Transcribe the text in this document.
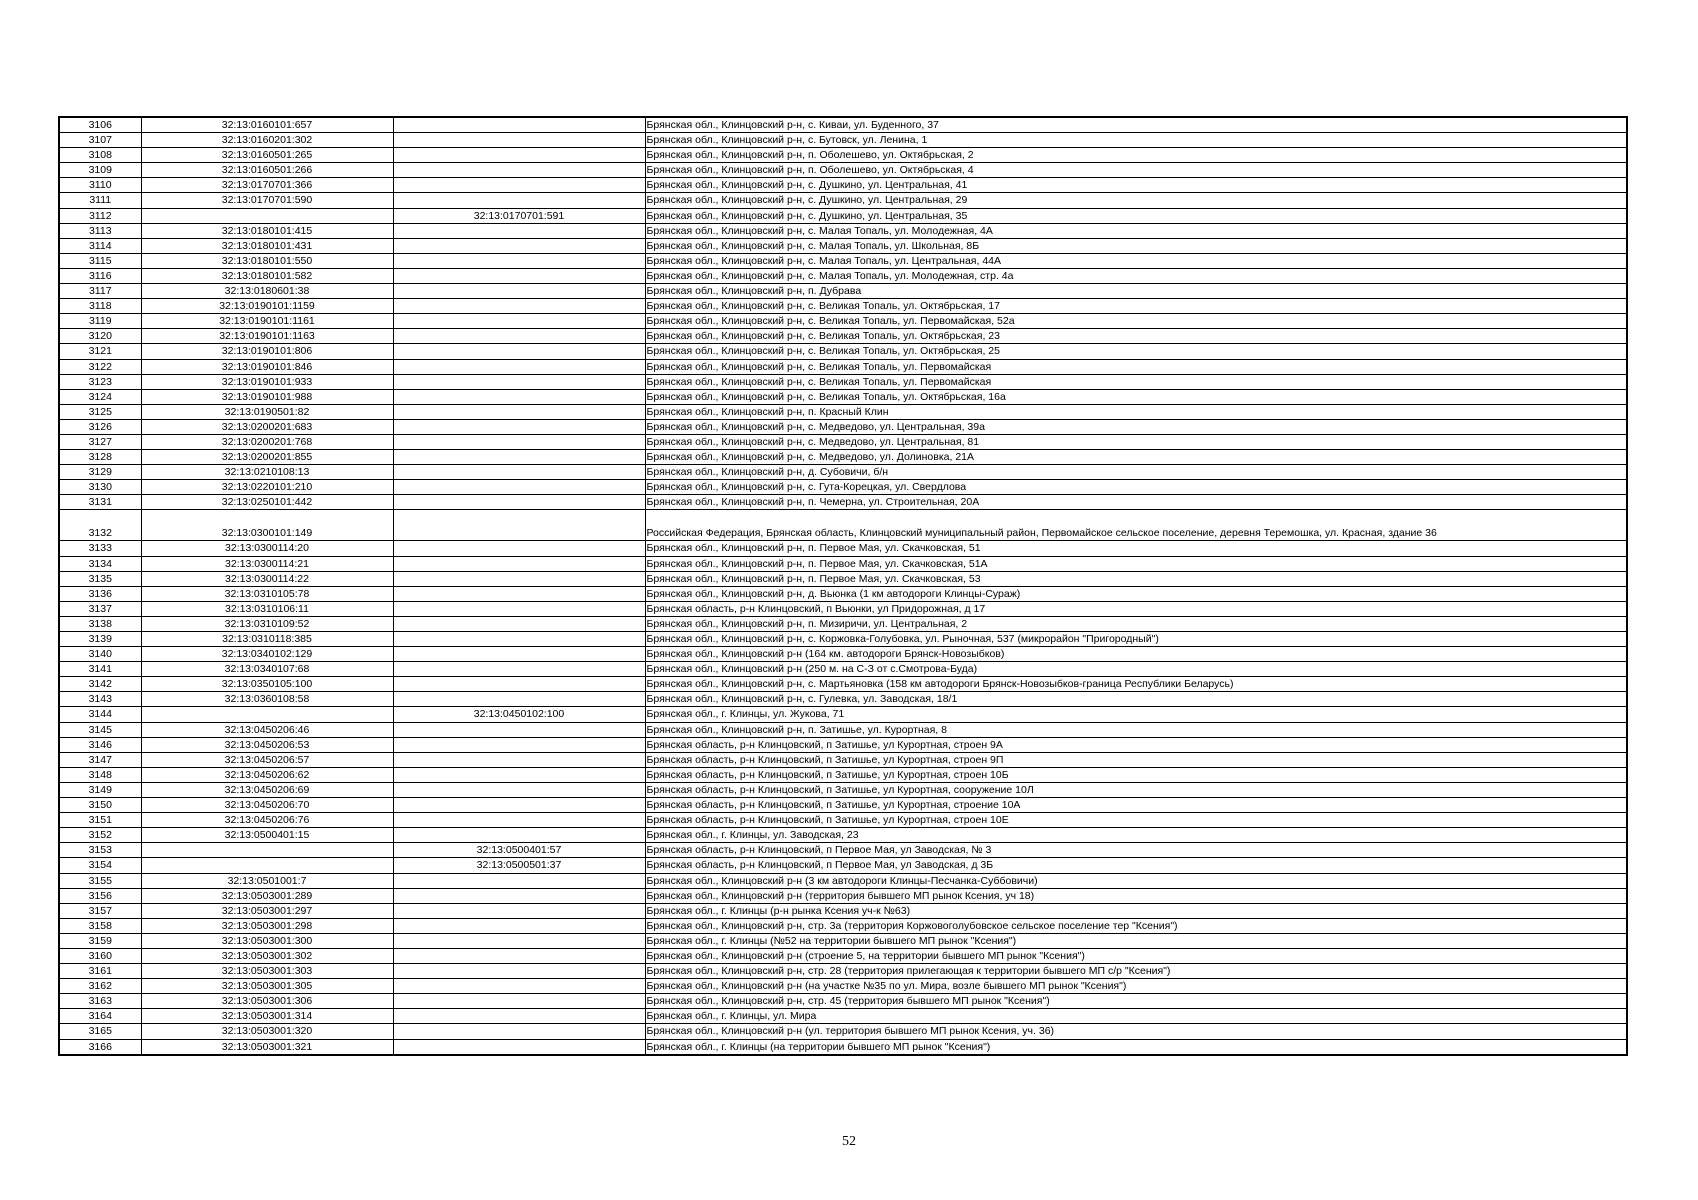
3106	32:13:0160101:657		Брянская обл., Клинцовский р-н, с. Киваи, ул. Буденного, 37
3107	32:13:0160201:302		Брянская обл., Клинцовский р-н, с. Бутовск, ул. Ленина, 1
3108	32:13:0160501:265		Брянская обл., Клинцовский р-н, п. Оболешево, ул. Октябрьская, 2
3109	32:13:0160501:266		Брянская обл., Клинцовский р-н, п. Оболешево, ул. Октябрьская, 4
3110	32:13:0170701:366		Брянская обл., Клинцовский р-н, с. Душкино, ул. Центральная, 41
3111	32:13:0170701:590		Брянская обл., Клинцовский р-н, с. Душкино, ул. Центральная, 29
3112		32:13:0170701:591	Брянская обл., Клинцовский р-н, с. Душкино, ул. Центральная, 35
3113	32:13:0180101:415		Брянская обл., Клинцовский р-н, с. Малая Топаль, ул. Молодежная, 4А
3114	32:13:0180101:431		Брянская обл., Клинцовский р-н, с. Малая Топаль, ул. Школьная, 8Б
3115	32:13:0180101:550		Брянская обл., Клинцовский р-н, с. Малая Топаль, ул. Центральная, 44А
3116	32:13:0180101:582		Брянская обл., Клинцовский р-н, с. Малая Топаль, ул. Молодежная, стр. 4а
3117	32:13:0180601:38		Брянская обл., Клинцовский р-н, п. Дубрава
3118	32:13:0190101:1159		Брянская обл., Клинцовский р-н, с. Великая Топаль, ул. Октябрьская, 17
3119	32:13:0190101:1161		Брянская обл., Клинцовский р-н, с. Великая Топаль, ул. Первомайская, 52а
3120	32:13:0190101:1163		Брянская обл., Клинцовский р-н, с. Великая Топаль, ул. Октябрьская, 23
3121	32:13:0190101:806		Брянская обл., Клинцовский р-н, с. Великая Топаль, ул. Октябрьская, 25
3122	32:13:0190101:846		Брянская обл., Клинцовский р-н, с. Великая Топаль, ул. Первомайская
3123	32:13:0190101:933		Брянская обл., Клинцовский р-н, с. Великая Топаль, ул. Первомайская
3124	32:13:0190101:988		Брянская обл., Клинцовский р-н, с. Великая Топаль, ул. Октябрьская, 16а
3125	32:13:0190501:82		Брянская обл., Клинцовский р-н, п. Красный Клин
3126	32:13:0200201:683		Брянская обл., Клинцовский р-н, с. Медведово, ул. Центральная, 39а
3127	32:13:0200201:768		Брянская обл., Клинцовский р-н, с. Медведово, ул. Центральная, 81
3128	32:13:0200201:855		Брянская обл., Клинцовский р-н, с. Медведово, ул. Долиновка, 21А
3129	32:13:0210108:13		Брянская обл., Клинцовский р-н, д. Субовичи, б/н
3130	32:13:0220101:210		Брянская обл., Клинцовский р-н, с. Гута-Корецкая, ул. Свердлова
3131	32:13:0250101:442		Брянская обл., Клинцовский р-н, п. Чемерна, ул. Строительная, 20А
3132	32:13:0300101:149		Российская Федерация, Брянская область, Клинцовский муниципальный район, Первомайское сельское поселение, деревня Теремошка, ул. Красная, здание 36
3133	32:13:0300114:20		Брянская обл., Клинцовский р-н, п. Первое Мая, ул. Скачковская, 51
3134	32:13:0300114:21		Брянская обл., Клинцовский р-н, п. Первое Мая, ул. Скачковская, 51А
3135	32:13:0300114:22		Брянская обл., Клинцовский р-н, п. Первое Мая, ул. Скачковская, 53
3136	32:13:0310105:78		Брянская обл., Клинцовский р-н, д. Вьюнка (1 км автодороги Клинцы-Сураж)
3137	32:13:0310106:11		Брянская область, р-н Клинцовский, п Вьюнки, ул Придорожная, д 17
3138	32:13:0310109:52		Брянская обл., Клинцовский р-н, п. Мизиричи, ул. Центральная, 2
3139	32:13:0310118:385		Брянская обл., Клинцовский р-н, с. Коржовка-Голубовка, ул. Рыночная, 537 (микрорайон "Пригородный")
3140	32:13:0340102:129		Брянская обл., Клинцовский р-н (164 км. автодороги Брянск-Новозыбков)
3141	32:13:0340107:68		Брянская обл., Клинцовский р-н (250 м. на С-З от с.Смотрова-Буда)
3142	32:13:0350105:100		Брянская обл., Клинцовский р-н, с. Мартьяновка (158 км автодороги Брянск-Новозыбков-граница Республики Беларусь)
3143	32:13:0360108:58		Брянская обл., Клинцовский р-н, с. Гулевка, ул. Заводская, 18/1
3144		32:13:0450102:100	Брянская обл., г. Клинцы, ул. Жукова, 71
3145	32:13:0450206:46		Брянская обл., Клинцовский р-н, п. Затишье, ул. Курортная, 8
3146	32:13:0450206:53		Брянская область, р-н Клинцовский, п Затишье, ул Курортная, строен 9А
3147	32:13:0450206:57		Брянская область, р-н Клинцовский, п Затишье, ул Курортная, строен 9П
3148	32:13:0450206:62		Брянская область, р-н Клинцовский, п Затишье, ул Курортная, строен 10Б
3149	32:13:0450206:69		Брянская область, р-н Клинцовский, п Затишье, ул Курортная, сооружение 10Л
3150	32:13:0450206:70		Брянская область, р-н Клинцовский, п Затишье, ул Курортная, строение 10А
3151	32:13:0450206:76		Брянская область, р-н Клинцовский, п Затишье, ул Курортная, строен 10Е
3152	32:13:0500401:15		Брянская обл., г. Клинцы, ул. Заводская, 23
3153		32:13:0500401:57	Брянская область, р-н Клинцовский, п Первое Мая, ул Заводская, № 3
3154		32:13:0500501:37	Брянская область, р-н Клинцовский, п Первое Мая, ул Заводская, д 3Б
3155	32:13:0501001:7		Брянская обл., Клинцовский р-н (3 км автодороги Клинцы-Песчанка-Суббовичи)
3156	32:13:0503001:289		Брянская обл., Клинцовский р-н (территория бывшего МП рынок Ксения, уч 18)
3157	32:13:0503001:297		Брянская обл., г. Клинцы (р-н рынка Ксения уч-к №63)
3158	32:13:0503001:298		Брянская обл., Клинцовский р-н, стр. 3а (территория Коржовоголубовское сельское поселение тер "Ксения")
3159	32:13:0503001:300		Брянская обл., г. Клинцы (№52 на территории бывшего МП рынок "Ксения")
3160	32:13:0503001:302		Брянская обл., Клинцовский р-н (строение 5, на территории бывшего МП рынок "Ксения")
3161	32:13:0503001:303		Брянская обл., Клинцовский р-н, стр. 28 (территория прилегающая к территории бывшего МП с/р "Ксения")
3162	32:13:0503001:305		Брянская обл., Клинцовский р-н (на участке №35 по ул. Мира, возле бывшего МП рынок "Ксения")
3163	32:13:0503001:306		Брянская обл., Клинцовский р-н, стр. 45 (территория бывшего МП рынок "Ксения")
3164	32:13:0503001:314		Брянская обл., г. Клинцы, ул. Мира
3165	32:13:0503001:320		Брянская обл., Клинцовский р-н (ул. территория бывшего МП рынок Ксения, уч. 36)
3166	32:13:0503001:321		Брянская обл., г. Клинцы (на территории бывшего МП рынок "Ксения")
52
